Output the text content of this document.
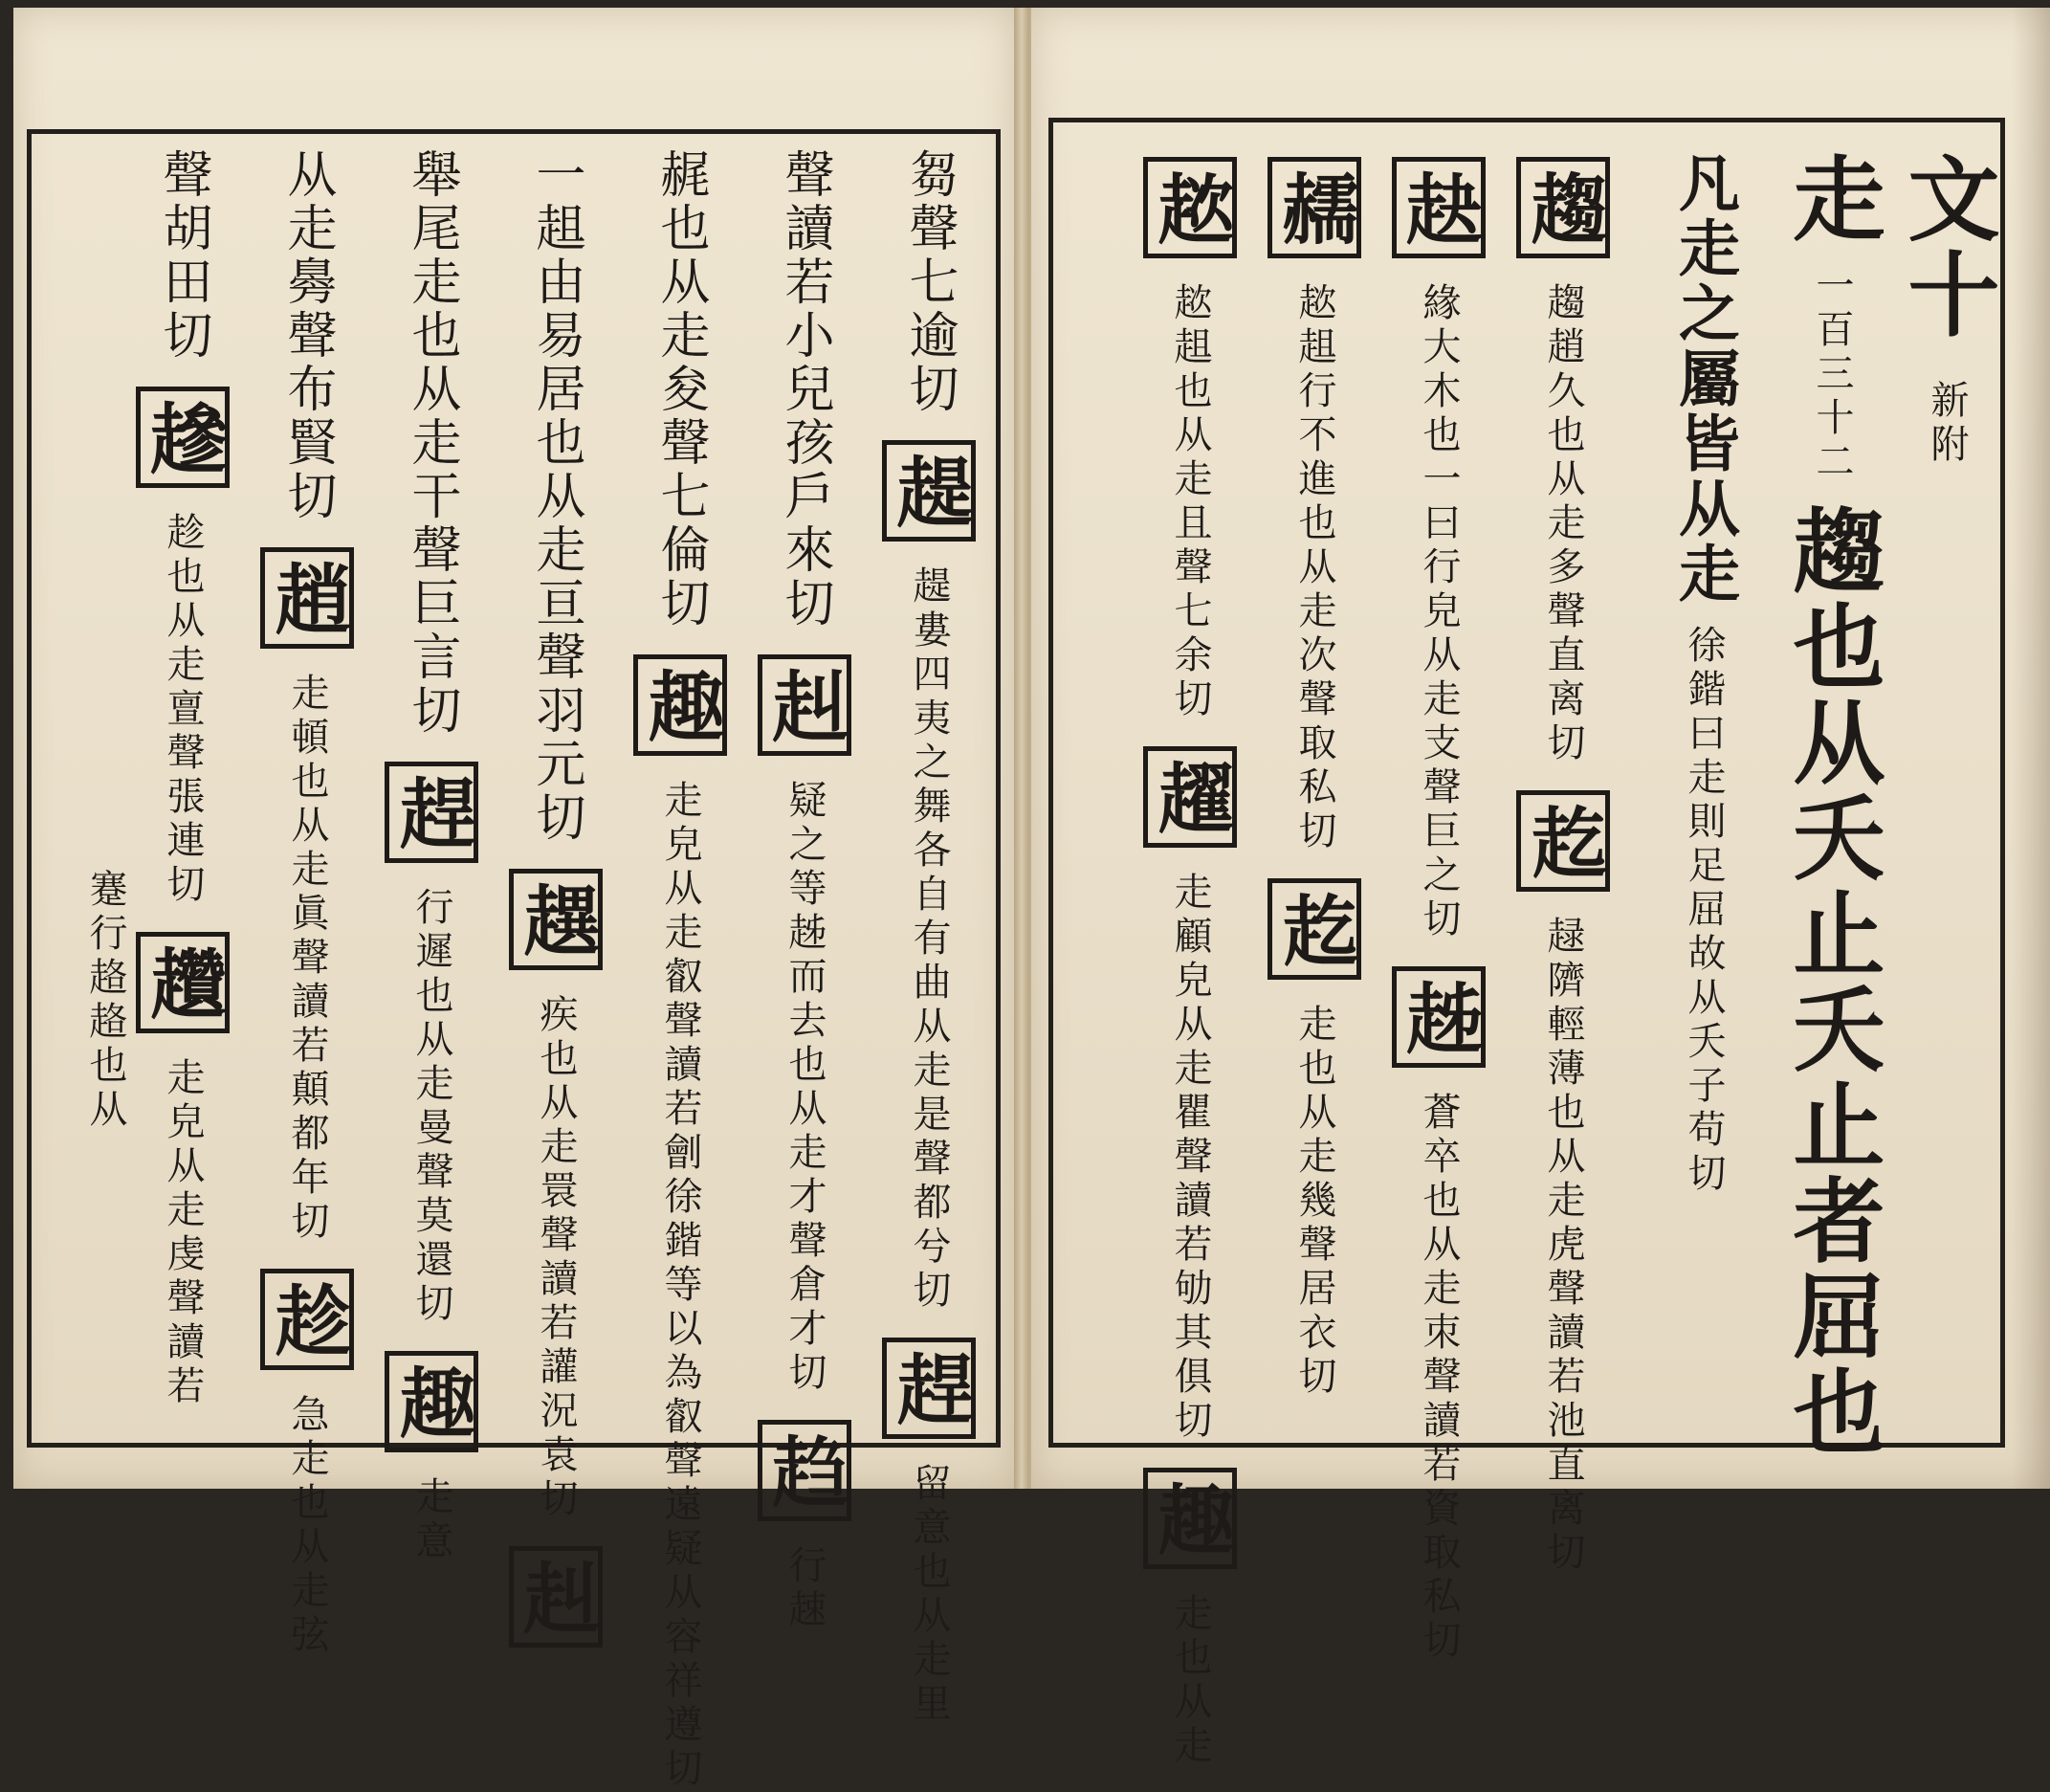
芻聲七逾切 趧 趧婁四夷之舞各自有曲从走是聲都兮切 趕 留意也从走里
聲讀若小兒孩戶來切 赳 疑之等趀而去也从走才聲倉才切 趋 行趚
䞔也从走夋聲七倫切 趣 走皃从走叡聲讀若劊徐鍇等以為叡聲遠疑从容祥遵切
一趄由易居也从走亘聲羽元切 趩 疾也从走睘聲讀若讙況袁切 赳
舉尾走也从走干聲巨言切 趕 行遲也从走曼聲莫還切 趣 走意
从走臱聲布賢切 趙 走頓也从走眞聲讀若顛都年切 趁 急走也从走弦
聲胡田切 䟃 趁也从走亶聲張連切 趲 走皃从走虔聲讀若
蹇行䞦䞦也从
文十 新附
走 一百三十二 趨也从夭止夭止者屈也
凡走之屬皆从走 徐鍇曰走則足屈故从夭子苟切
趨 趨趙久也从走多聲直离切 䞘 趢隮輕薄也从走虎聲讀若池直离切
赽 緣大木也一曰行皃从走支聲巨之切 趀 蒼卒也从走朿聲讀若資取私切
䞕 趑趄行不進也从走次聲取私切 䞘 走也从走幾聲居衣切
趑 趑趄也从走且聲七余切 趯 走顧皃从走瞿聲讀若劬其俱切 趣 走也从走
